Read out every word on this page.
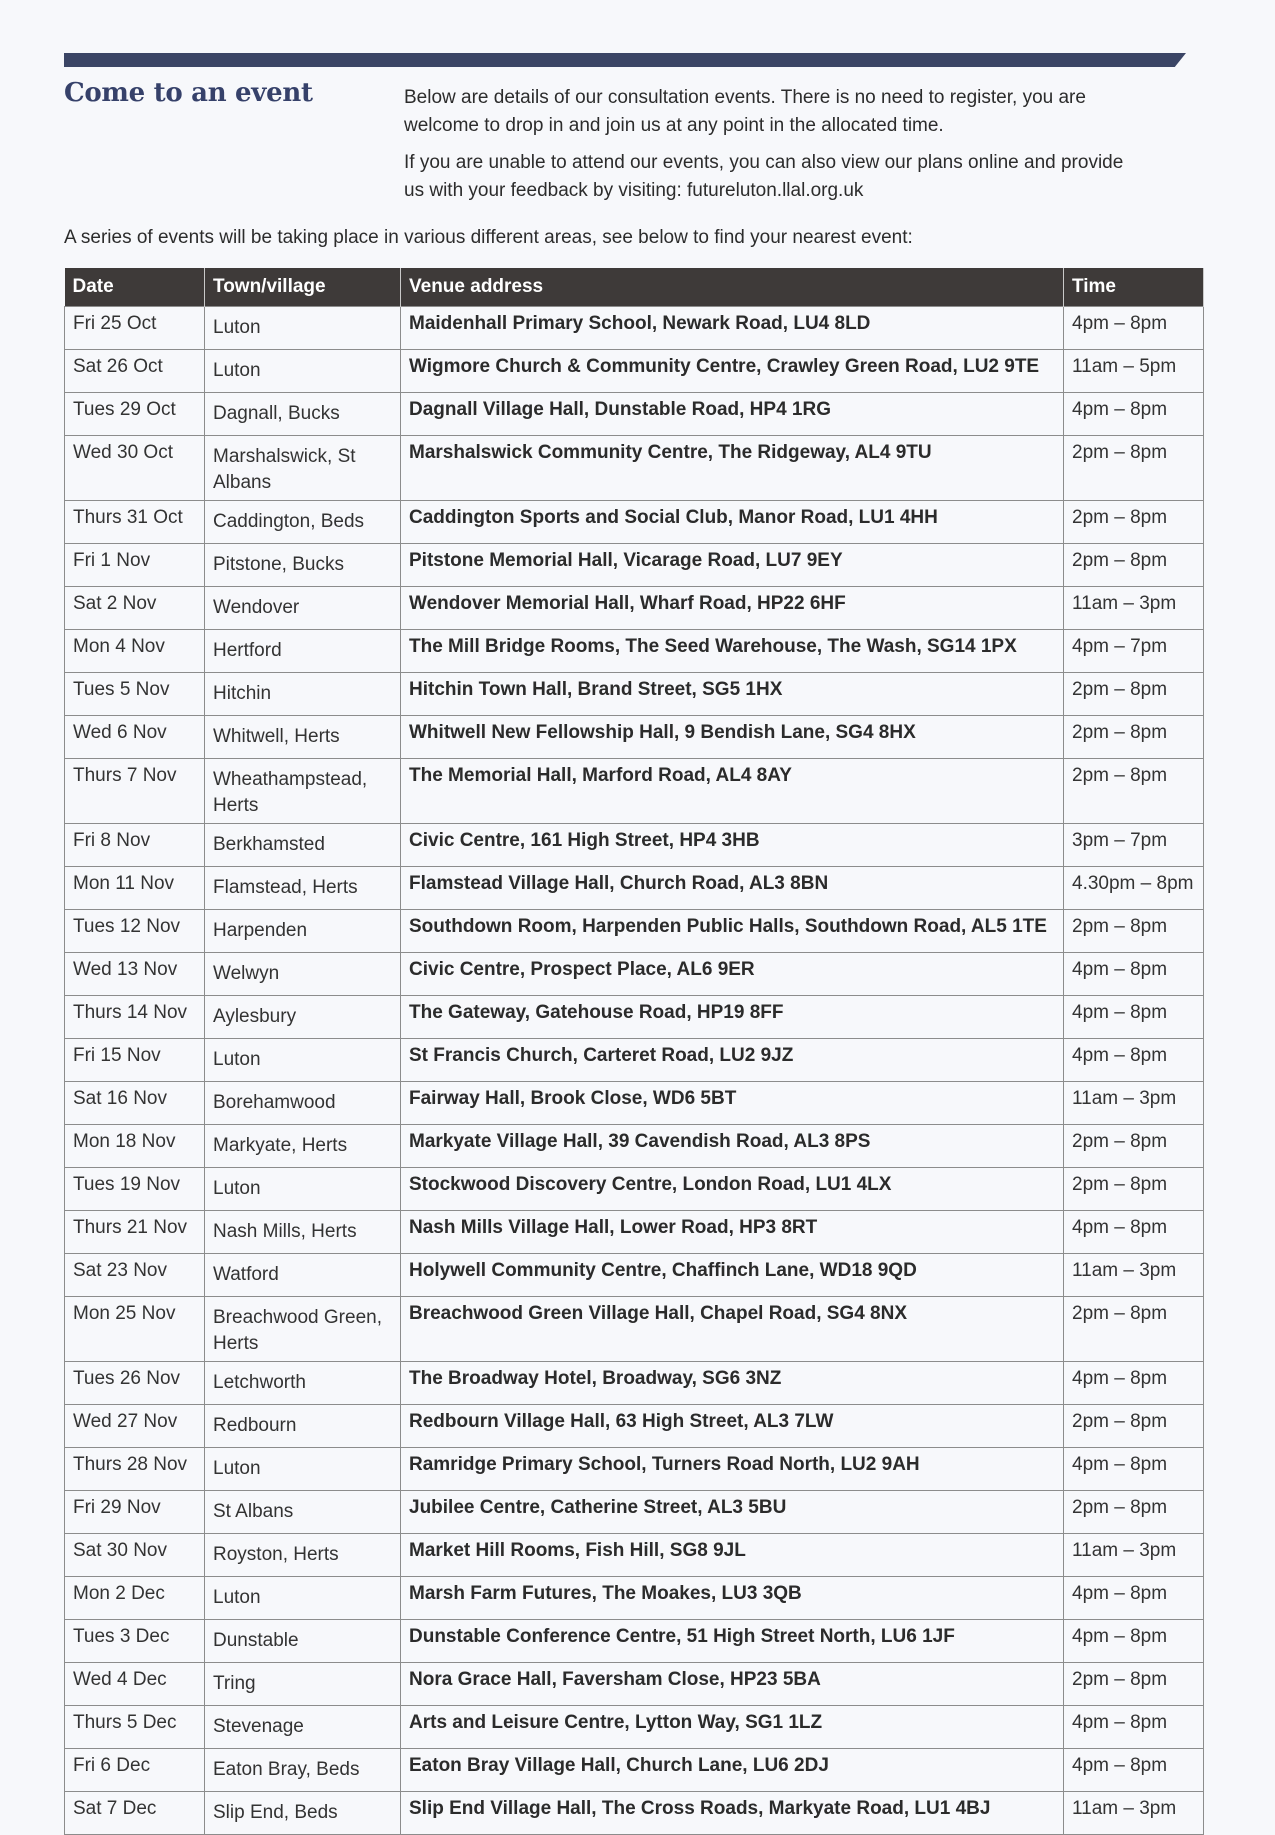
Come to an event	Below are details of our consultation events. There is no need to register, you are welcome to drop in and join us at any point in the allocated time.

If you are unable to attend our events, you can also view our plans online and provide us with your feedback by visiting: futureluton.llal.org.uk

A series of events will be taking place in various different areas, see below to find your nearest event:
Date	Town/village	Venue address	Time
Fri 25 Oct	Luton	Maidenhall Primary School, Newark Road, LU4 8LD	4pm – 8pm
Sat 26 Oct	Luton	Wigmore Church & Community Centre, Crawley Green Road, LU2 9TE	11am – 5pm
Tues 29 Oct	Dagnall, Bucks	Dagnall Village Hall, Dunstable Road, HP4 1RG	4pm – 8pm
Wed 30 Oct	Marshalswick, St Albans	Marshalswick Community Centre, The Ridgeway, AL4 9TU	2pm – 8pm
Thurs 31 Oct	Caddington, Beds	Caddington Sports and Social Club, Manor Road, LU1 4HH	2pm – 8pm
Fri 1 Nov	Pitstone, Bucks	Pitstone Memorial Hall, Vicarage Road, LU7 9EY	2pm – 8pm
Sat 2 Nov	Wendover	Wendover Memorial Hall, Wharf Road, HP22 6HF	11am – 3pm
Mon 4 Nov	Hertford	The Mill Bridge Rooms, The Seed Warehouse, The Wash, SG14 1PX	4pm – 7pm
Tues 5 Nov	Hitchin	Hitchin Town Hall, Brand Street, SG5 1HX	2pm – 8pm
Wed 6 Nov	Whitwell, Herts	Whitwell New Fellowship Hall, 9 Bendish Lane, SG4 8HX	2pm – 8pm
Thurs 7 Nov	Wheathampstead, Herts	The Memorial Hall, Marford Road, AL4 8AY	2pm – 8pm
Fri 8 Nov	Berkhamsted	Civic Centre, 161 High Street, HP4 3HB	3pm – 7pm
Mon 11 Nov	Flamstead, Herts	Flamstead Village Hall, Church Road, AL3 8BN	4.30pm – 8pm
Tues 12 Nov	Harpenden	Southdown Room, Harpenden Public Halls, Southdown Road, AL5 1TE	2pm – 8pm
Wed 13 Nov	Welwyn	Civic Centre, Prospect Place, AL6 9ER	4pm – 8pm
Thurs 14 Nov	Aylesbury	The Gateway, Gatehouse Road, HP19 8FF	4pm – 8pm
Fri 15 Nov	Luton	St Francis Church, Carteret Road, LU2 9JZ	4pm – 8pm
Sat 16 Nov	Borehamwood	Fairway Hall, Brook Close, WD6 5BT	11am – 3pm
Mon 18 Nov	Markyate, Herts	Markyate Village Hall, 39 Cavendish Road, AL3 8PS	2pm – 8pm
Tues 19 Nov	Luton	Stockwood Discovery Centre, London Road, LU1 4LX	2pm – 8pm
Thurs 21 Nov	Nash Mills, Herts	Nash Mills Village Hall, Lower Road, HP3 8RT	4pm – 8pm
Sat 23 Nov	Watford	Holywell Community Centre, Chaffinch Lane, WD18 9QD	11am – 3pm
Mon 25 Nov	Breachwood Green, Herts	Breachwood Green Village Hall, Chapel Road, SG4 8NX	2pm – 8pm
Tues 26 Nov	Letchworth	The Broadway Hotel, Broadway, SG6 3NZ	4pm – 8pm
Wed 27 Nov	Redbourn	Redbourn Village Hall, 63 High Street, AL3 7LW	2pm – 8pm
Thurs 28 Nov	Luton	Ramridge Primary School, Turners Road North, LU2 9AH	4pm – 8pm
Fri 29 Nov	St Albans	Jubilee Centre, Catherine Street, AL3 5BU	2pm – 8pm
Sat 30 Nov	Royston, Herts	Market Hill Rooms, Fish Hill, SG8 9JL	11am – 3pm
Mon 2 Dec	Luton	Marsh Farm Futures, The Moakes, LU3 3QB	4pm – 8pm
Tues 3 Dec	Dunstable	Dunstable Conference Centre, 51 High Street North, LU6 1JF	4pm – 8pm
Wed 4 Dec	Tring	Nora Grace Hall, Faversham Close, HP23 5BA	2pm – 8pm
Thurs 5 Dec	Stevenage	Arts and Leisure Centre, Lytton Way, SG1 1LZ	4pm – 8pm
Fri 6 Dec	Eaton Bray, Beds	Eaton Bray Village Hall, Church Lane, LU6 2DJ	4pm – 8pm
Sat 7 Dec	Slip End, Beds	Slip End Village Hall, The Cross Roads, Markyate Road, LU1 4BJ	11am – 3pm
